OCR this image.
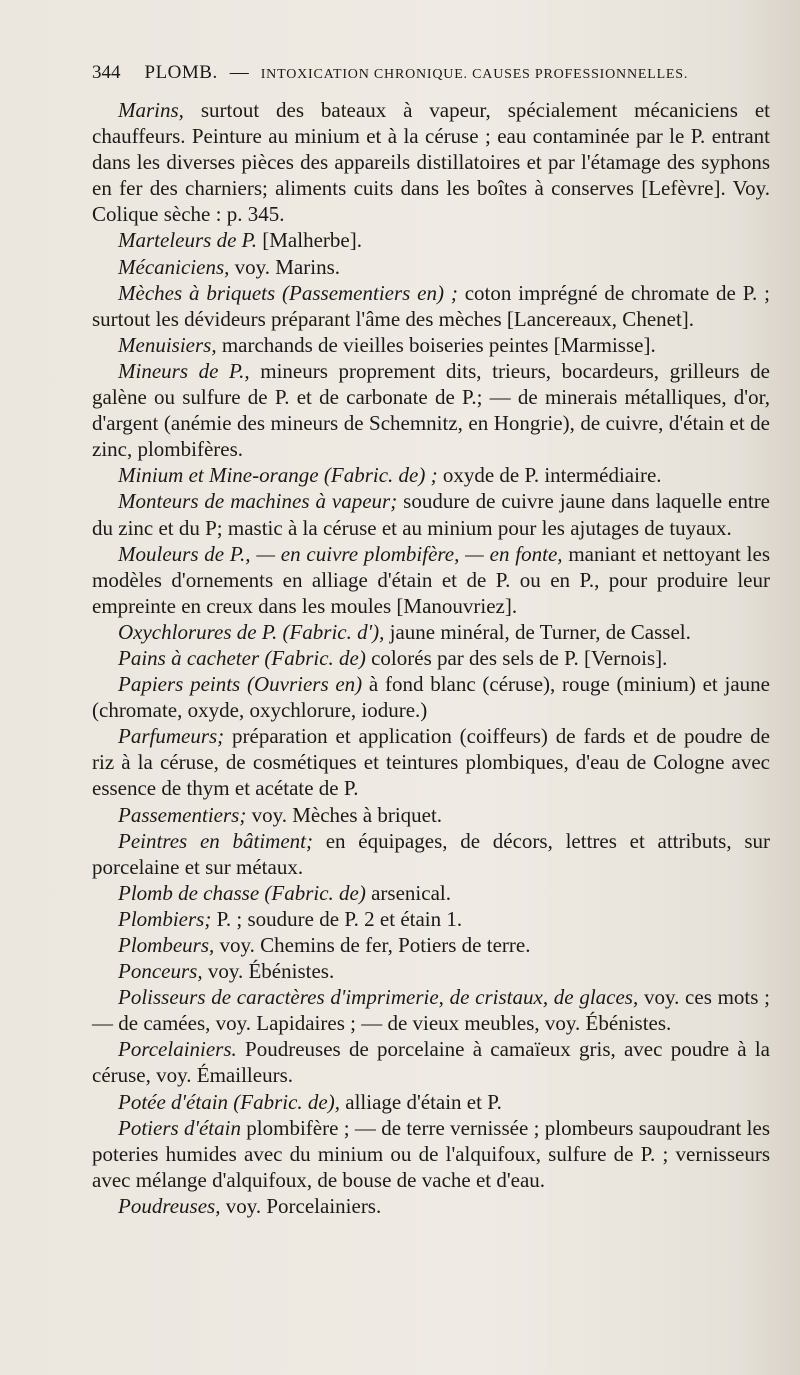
344 PLOMB. — INTOXICATION CHRONIQUE. CAUSES PROFESSIONNELLES.

Marins, surtout des bateaux à vapeur, spécialement mécaniciens et chauffeurs. Peinture au minium et à la céruse ; eau contaminée par le P. entrant dans les diverses pièces des appareils distillatoires et par l'étamage des syphons en fer des charniers; aliments cuits dans les boîtes à conserves [Lefèvre]. Voy. Colique sèche : p. 345.

Marteleurs de P. [Malherbe].

Mécaniciens, voy. Marins.

Mèches à briquets (Passementiers en) ; coton imprégné de chromate de P. ; surtout les dévideurs préparant l'âme des mèches [Lancereaux, Chenet].

Menuisiers, marchands de vieilles boiseries peintes [Marmisse].

Mineurs de P., mineurs proprement dits, trieurs, bocardeurs, grilleurs de galène ou sulfure de P. et de carbonate de P.; — de minerais métalliques, d'or, d'argent (anémie des mineurs de Schemnitz, en Hongrie), de cuivre, d'étain et de zinc, plombifères.

Minium et Mine-orange (Fabric. de) ; oxyde de P. intermédiaire.

Monteurs de machines à vapeur; soudure de cuivre jaune dans laquelle entre du zinc et du P; mastic à la céruse et au minium pour les ajutages de tuyaux.

Mouleurs de P., — en cuivre plombifère, — en fonte, maniant et nettoyant les modèles d'ornements en alliage d'étain et de P. ou en P., pour produire leur empreinte en creux dans les moules [Manouvriez].

Oxychlorures de P. (Fabric. d'), jaune minéral, de Turner, de Cassel.

Pains à cacheter (Fabric. de) colorés par des sels de P. [Vernois].

Papiers peints (Ouvriers en) à fond blanc (céruse), rouge (minium) et jaune (chromate, oxyde, oxychlorure, iodure.)

Parfumeurs; préparation et application (coiffeurs) de fards et de poudre de riz à la céruse, de cosmétiques et teintures plombiques, d'eau de Cologne avec essence de thym et acétate de P.

Passementiers; voy. Mèches à briquet.

Peintres en bâtiment; en équipages, de décors, lettres et attributs, sur porcelaine et sur métaux.

Plomb de chasse (Fabric. de) arsenical.

Plombiers; P. ; soudure de P. 2 et étain 1.

Plombeurs, voy. Chemins de fer, Potiers de terre.

Ponceurs, voy. Ébénistes.

Polisseurs de caractères d'imprimerie, de cristaux, de glaces, voy. ces mots ; — de camées, voy. Lapidaires ; — de vieux meubles, voy. Ébénistes.

Porcelainiers. Poudreuses de porcelaine à camaïeux gris, avec poudre à la céruse, voy. Émailleurs.

Potée d'étain (Fabric. de), alliage d'étain et P.

Potiers d'étain plombifère ; — de terre vernissée ; plombeurs saupoudrant les poteries humides avec du minium ou de l'alquifoux, sulfure de P. ; vernisseurs avec mélange d'alquifoux, de bouse de vache et d'eau.

Poudreuses, voy. Porcelainiers.
